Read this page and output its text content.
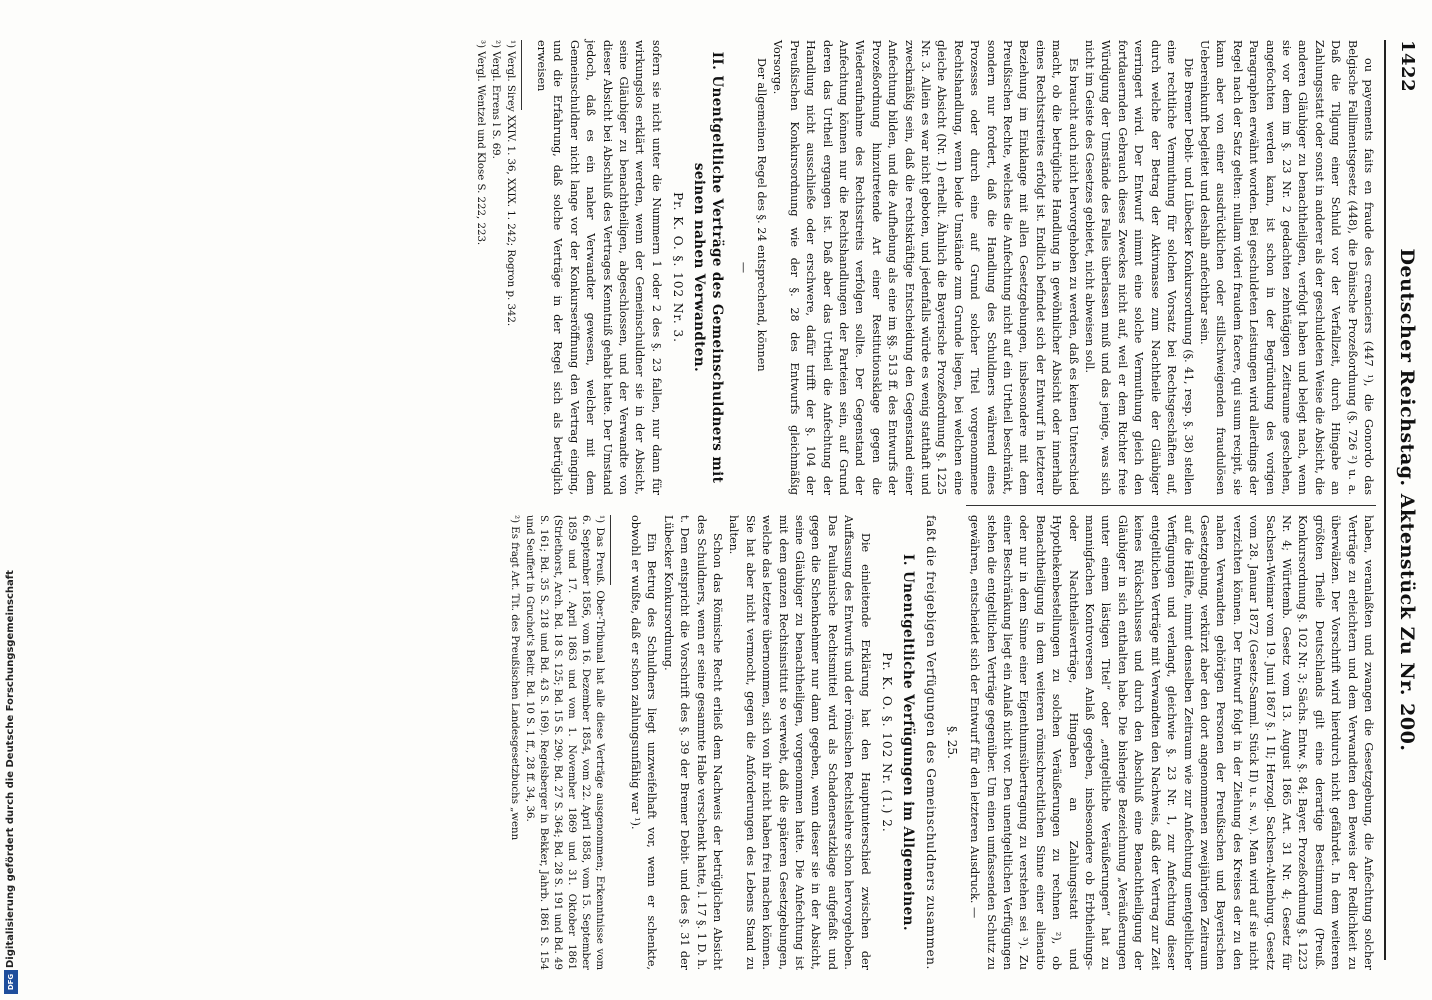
1422
Deutscher Reichstag. Aktenstück Zu Nr. 200.

ou payements faits en fraude des creanciers (447 ¹), die Gonordo das Belgische Fallimentsgesetz (448), die Dänische Prozeßordnung (§. 726 ²) u. a. Daß die Tilgung einer Schuld vor der Verfallzeit, durch Hingabe an Zahlungsstatt oder sonst in anderer als der geschuldeten Weise die Absicht, die anderen Gläubiger zu benachtheiligen, verfolgt haben und belegt nach, wenn sie vor dem im §. 23 Nr. 2 gedachten zehntägigen Zeitraume geschehen, angefochten werden kann, ist schon in der Begründung des vorigen Paragraphen erwähnt worden. Bei geschuldeten Leistungen wird allerdings der Regel nach der Satz gelten: nullam videri fraudem facere, qui suum recipit, sie kann aber von einer ausdrücklichen oder stillschweigenden fraudulösen Uebereinkunft begleitet und deshalb anfechtbar sein.

Die Bremer Debit- und Lübecker Konkursordnung (§. 41, resp. §. 38) stellen eine rechtliche Vermuthung für solchen Vorsatz bei Rechtsgeschäften auf, durch welche der Betrag der Aktivmasse zum Nachtheile der Gläubiger verringert wird. Der Entwurf nimmt eine solche Vermuthung gleich den fortdauernden Gebrauch dieses Zweckes nicht auf, weil er dem Richter freie Würdigung der Umstände des Falles überlassen muß und das jenige, was sich nicht im Geiste des Gesetzes gebietet, nicht abweisen soll.

Es braucht auch nicht hervorgehoben zu werden, daß es keinen Unterschied macht, ob die betrügliche Handlung in gewöhnlicher Absicht oder innerhalb eines Rechtsstreites erfolgt ist. Endlich befindet sich der Entwurf in letzterer Beziehung im Einklange mit allen Gesetzgebungen, insbesondere mit dem Preußischen Rechte, welches die Anfechtung nicht auf ein Urtheil beschränkt, sondern nur fordert, daß die Handlung des Schuldners während eines Prozesses oder durch eine auf Grund solcher Titel vorgenommene Rechtshandlung, wenn beide Umstände zum Grunde liegen, bei welchen eine gleiche Absicht (Nr. 1) erhellt. Ähnlich die Bayerische Prozeßordnung §. 1225 Nr. 3. Allein es war nicht geboten, und jedenfalls würde es wenig statthaft und zweckmäßig sein, daß die rechtskräftige Entscheidung den Gegenstand einer Anfechtung bilden, und die Aufhebung als eine im §§. 513 ff. des Entwurfs der Prozeßordnung hinzutretende Art einer Restitutionsklage gegen die Wiederaufnahme des Rechtsstreits verfolgen sollte. Der Gegenstand der Anfechtung können nur die Rechtshandlungen der Parteien sein, auf Grund deren das Urtheil ergangen ist. Daß aber das Urtheil die Anfechtung der Handlung nicht ausschließe oder erschwere, dafür trifft der §. 104 der Preußischen Konkursordnung wie der §. 28 des Entwurfs gleichmäßig Vorsorge.

Der allgemeinen Regel des §. 24 entsprechend, können

—
II. Unentgeltliche Verträge des Gemeinschuldners mit seinen nahen Verwandten.
Pr. K. O. §. 102 Nr. 3.

sofern sie nicht unter die Nummern 1 oder 2 des §. 23 fallen, nur dann für wirkungslos erklärt werden, wenn der Gemeinschuldner sie in der Absicht, seine Gläubiger zu benachtheiligen, abgeschlossen, und der Verwandte von dieser Absicht bei Abschluß des Vertrages Kenntniß gehabt hatte. Der Umstand jedoch, daß es ein naher Verwandter gewesen, welcher mit dem Gemeinschuldner nicht lange vor der Konkurseröffnung den Vertrag einging, und die Erfahrung, daß solche Verträge in der Regel sich als betrüglich erweisen

¹) Vergl. Sirey XXIV. 1. 36, XXIX. 1. 242; Rogron p. 342.

²) Vergl. Errens l S. 69.

³) Vergl. Wentzel und Klose S. 222, 223.

haben, veranlaßten und zwangen die Gesetzgebung, die Anfechtung solcher Verträge zu erleichtern und dem Verwandten den Beweis der Redlichkeit zu überwälzen. Der Vorschrift wird hierdurch nicht gefährdet. In dem weiteren größten Theile Deutschlands gilt eine derartige Bestimmung (Preuß. Konkursordnung §. 102 Nr. 3; Sächs. Entw. §. 84; Bayer. Prozeßordnung §. 1223 Nr. 4; Württemb. Gesetz vom 13. August 1865 Art. 31 Nr. 4; Gesetz für Sachsen-Weimar vom 19. Juni 1867 §. 1 II; Herzogl. Sachsen-Altenburg. Gesetz vom 28. Januar 1872 (Gesetz-Samml. Stück II) u. s. w.). Man wird auf sie nicht verzichten können. Der Entwurf folgt in der Ziehung des Kreises der zu den nahen Verwandten gehörigen Personen der Preußischen und Bayerischen Gesetzgebung, verkürzt aber den dort angenommenen zweijährigen Zeitraum auf die Hälfte, nimmt denselben Zeitraum wie zur Anfechtung unentgeltlicher Verfügungen und verlangt, gleichwie §. 23 Nr. 1, zur Anfechtung dieser entgeltlichen Verträge mit Verwandten den Nachweis, daß der Vertrag zur Zeit keines Rückschlusses und durch den Abschluß eine Benachtheiligung der Gläubiger in sich enthalten habe. Die bisherige Bezeichnung „Veräußerungen unter einem lästigen Titel“ oder „entgeltliche Veräußerungen“ hat zu mannigfachen Kontroversen Anlaß gegeben, insbesondere ob Erbtheilungs- oder Nachtheilsverträge, Hingaben an Zahlungsstatt und Hypothekenbestellungen zu solchen Veräußerungen zu rechnen ²), ob Benachtheiligung in dem weiteren römischrechtlichen Sinne einer alienatio oder nur in dem Sinne einer Eigenthumsübertragung zu verstehen sei ³). Zu einer Beschränkung liegt ein Anlaß nicht vor. Den unentgeltlichen Verfügungen stehen die entgeltlichen Verträge gegenüber. Um einen umfassenden Schutz zu gewähren, entscheidet sich der Entwurf für den letzteren Ausdruck. —

§. 25.
faßt die freigebigen Verfügungen des Gemeinschuldners zusammen.
I. Unentgeltliche Verfügungen im Allgemeinen.
Pr. K. O. §. 102 Nr. (1.) 2.

Die einleitende Erklärung hat den Hauptunterschied zwischen der Auffassung des Entwurfs und der römischen Rechtslehre schon hervorgehoben. Das Paulianische Rechtsmittel wird als Schadenersatzklage aufgefaßt und gegen die Schenknehmer nur dann gegeben, wenn dieser sie in der Absicht, seine Gläubiger zu benachtheiligen, vorgenommen hatte. Die Anfechtung ist mit dem ganzen Rechtsinstitut so verwebt, daß die späteren Gesetzgebungen, welche das letztere übernommen, sich von ihr nicht haben frei machen können. Sie hat aber nicht vermocht, gegen die Anforderungen des Lebens Stand zu halten.

Schon das Römische Recht erließ dem Nachweis der betrüglichen Absicht des Schuldners, wenn er seine gesammte Habe verschenkt hatte, l. 17 §. 1 D. h. t. Dem entspricht die Vorschrift des §. 39 der Bremer Debit- und des §. 31 der Lübecker Konkursordnung.

Ein Betrug des Schuldners liegt unzweifelhaft vor, wenn er schenkte, obwohl er wußte, daß er schon zahlungsunfähig war ¹).

¹) Das Preuß. Ober-Tribunal hat alle diese Verträge ausgenommen; Erkenntnisse vom 6. September 1856, vom 16. Dezember 1854, vom 22. April 1858, vom 15. September 1859 und 17. April 1863 und vom 1. November 1869 und 31. Oktober 1861 (Striethorst, Arch. Bd. 18 S. 125; Bd. 15 S. 290; Bd. 27 S. 364; Bd. 28 S. 191 und Bd. 49 S. 161; Bd. 35 S. 218 und Bd. 43 S. 169). Regelsberger in Bekker, Jahrb. 1861 S. 154 und Seuffert in Gruchot's Beitr. Bd. 10 S. 1 ff., 28 ff. 34, 36.

²) Es fragt Art. Tit. des Preußischen Landesgesetzbuchs „wenn

Digitalisierung gefördert durch die Deutsche Forschungsgemeinschaft
DFG
